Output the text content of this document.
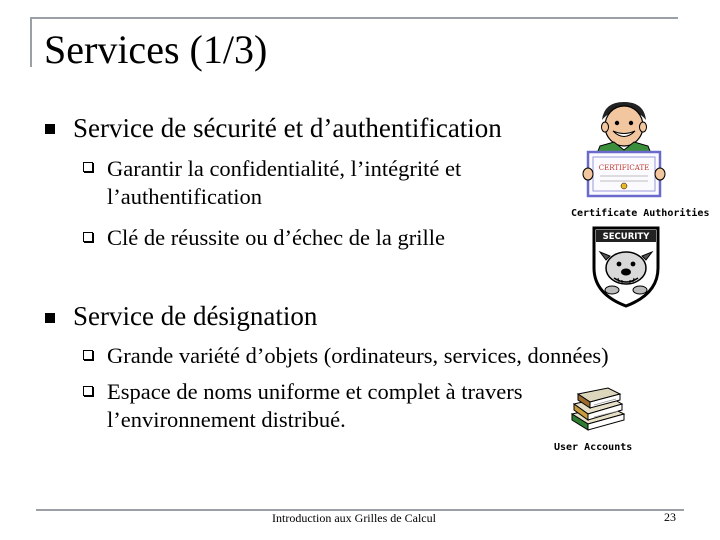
Services (1/3)
Service de sécurité et d’authentification
Garantir la confidentialité, l’intégrité et l’authentification
Clé de réussite ou d’échec de la grille
Service de désignation
Grande variété d’objets (ordinateurs, services, données)
Espace de noms uniforme et complet à travers l’environnement distribué.
CERTIFICATE
Certificate Authorities
SECURITY
User Accounts
Introduction aux Grilles de Calcul	23
